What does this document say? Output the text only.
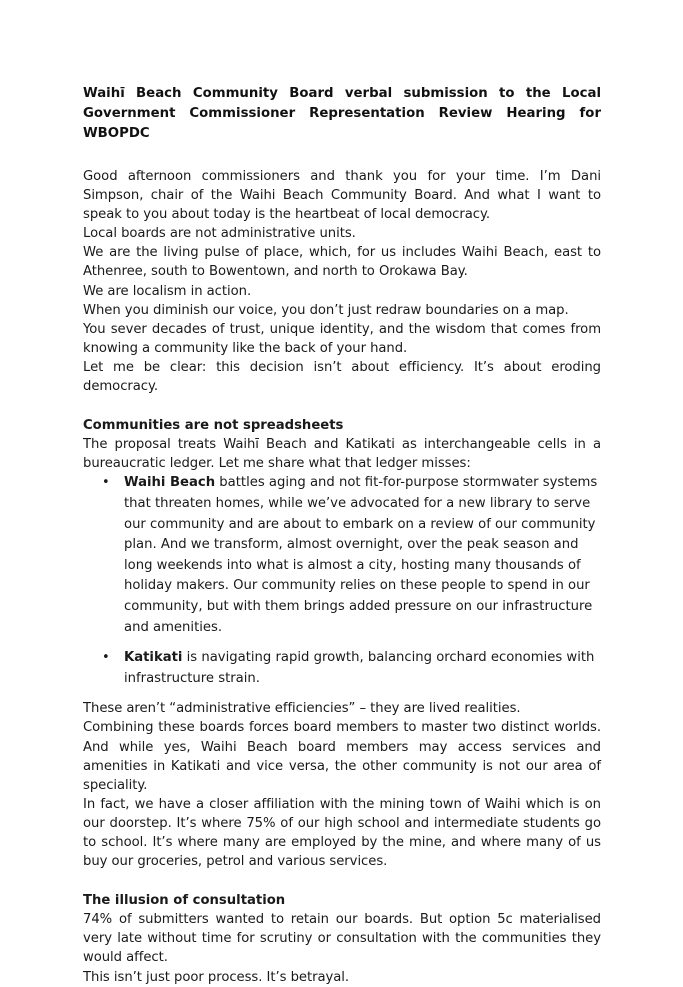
Waihī Beach Community Board verbal submission to the Local Government Commissioner Representation Review Hearing for WBOPDC

Good afternoon commissioners and thank you for your time. I’m Dani Simpson, chair of the Waihi Beach Community Board. And what I want to speak to you about today is the heartbeat of local democracy.

Local boards are not administrative units.

We are the living pulse of place, which, for us includes Waihi Beach, east to Athenree, south to Bowentown, and north to Orokawa Bay.

We are localism in action.

When you diminish our voice, you don’t just redraw boundaries on a map.

You sever decades of trust, unique identity, and the wisdom that comes from knowing a community like the back of your hand.

Let me be clear: this decision isn’t about efficiency. It’s about eroding democracy.

Communities are not spreadsheets

The proposal treats Waihī Beach and Katikati as interchangeable cells in a bureaucratic ledger. Let me share what that ledger misses:

• Waihi Beach battles aging and not fit-for-purpose stormwater systems that threaten homes, while we’ve advocated for a new library to serve our community and are about to embark on a review of our community plan. And we transform, almost overnight, over the peak season and long weekends into what is almost a city, hosting many thousands of holiday makers. Our community relies on these people to spend in our community, but with them brings added pressure on our infrastructure and amenities.
• Katikati is navigating rapid growth, balancing orchard economies with infrastructure strain.

These aren’t “administrative efficiencies” – they are lived realities.

Combining these boards forces board members to master two distinct worlds. And while yes, Waihi Beach board members may access services and amenities in Katikati and vice versa, the other community is not our area of speciality.

In fact, we have a closer affiliation with the mining town of Waihi which is on our doorstep. It’s where 75% of our high school and intermediate students go to school. It’s where many are employed by the mine, and where many of us buy our groceries, petrol and various services.

The illusion of consultation

74% of submitters wanted to retain our boards. But option 5c materialised very late without time for scrutiny or consultation with the communities they would affect.

This isn’t just poor process. It’s betrayal.
